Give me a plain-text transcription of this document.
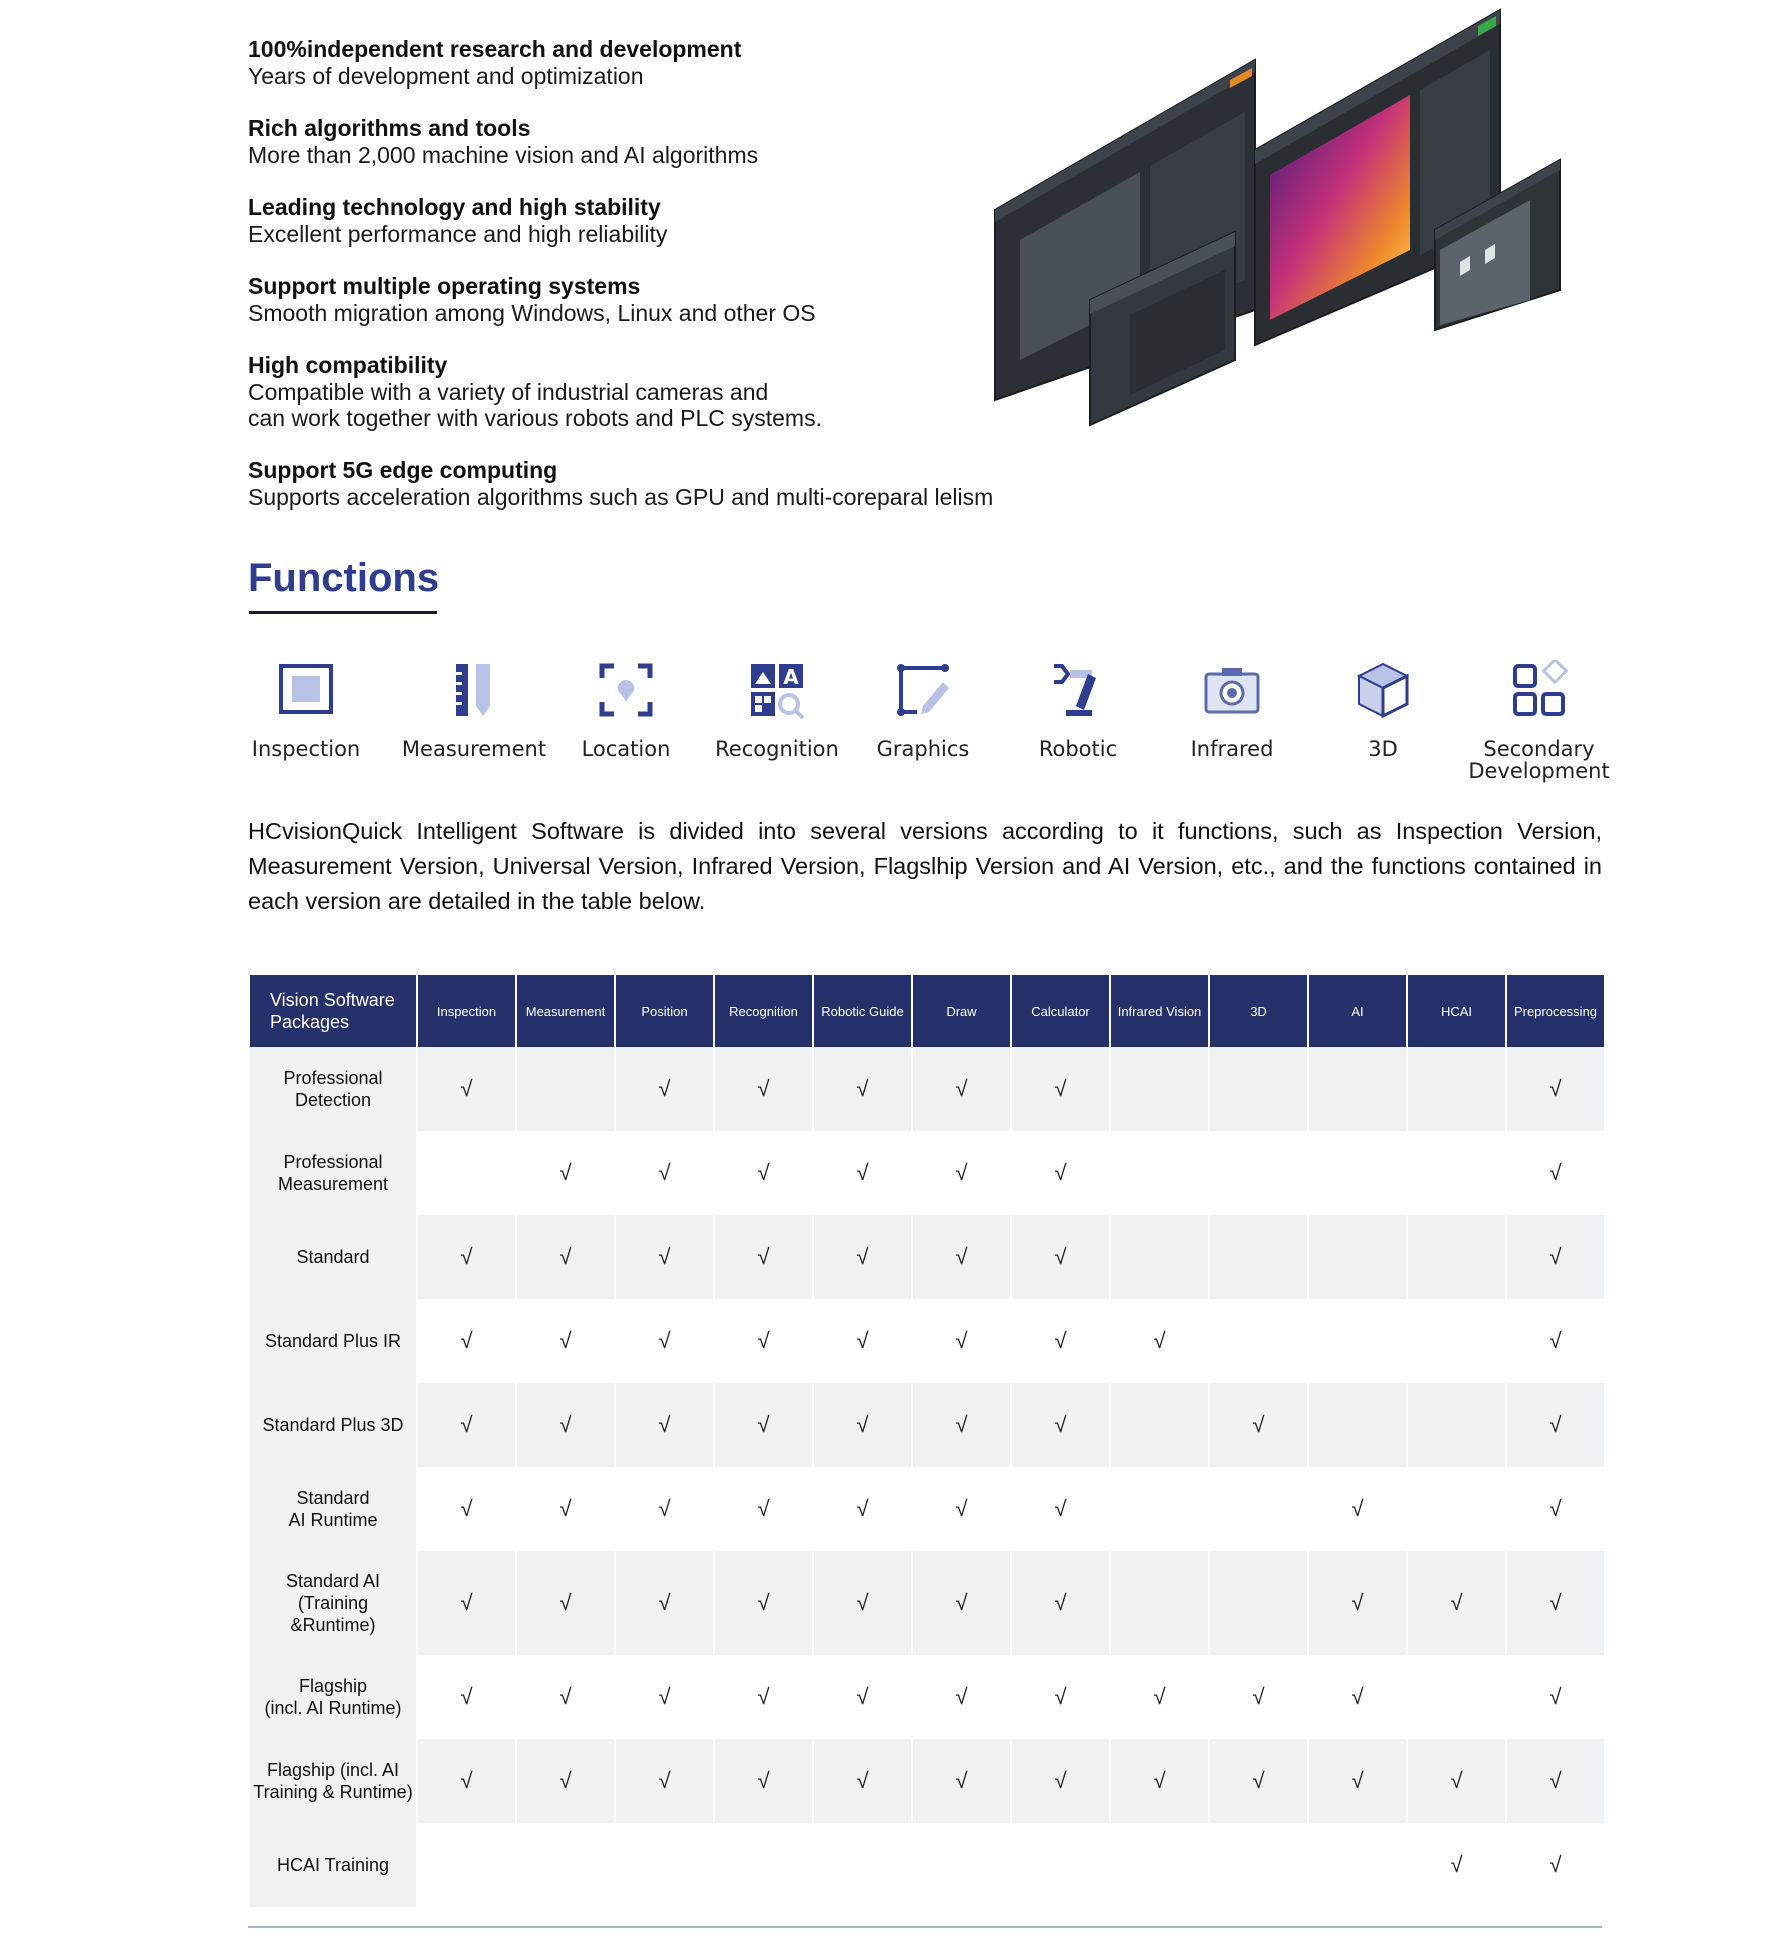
100%independent research and development

Years of development and optimization

Rich algorithms and tools

More than 2,000 machine vision and AI algorithms

Leading technology and high stability

Excellent performance and high reliability

Support multiple operating systems

Smooth migration among Windows, Linux and other OS

High compatibility

Compatible with a variety of industrial cameras and
can work together with various robots and PLC systems.

Support 5G edge computing

Supports acceleration algorithms such as GPU and multi-coreparal lelism

Functions
Inspection	Measurement	Location
A
Recognition	Graphics	Robotic	Infrared	3D	Secondary
Development

HCvisionQuick Intelligent Software is divided into several versions according to it functions, such as Inspection Version, Measurement Version, Universal Version, Infrared Version, Flagslhip Version and AI Version, etc., and the functions contained in each version are detailed in the table below.

Vision Software Packages	Inspection	Measurement	Position	Recognition	Robotic Guide	Draw	Calculator	Infrared Vision	3D	AI	HCAI	Preprocessing
Professional
Detection	√		√	√	√	√	√					√
Professional
Measurement		√	√	√	√	√	√					√
Standard	√	√	√	√	√	√	√					√
Standard Plus IR	√	√	√	√	√	√	√	√				√
Standard Plus 3D	√	√	√	√	√	√	√		√			√
Standard
AI Runtime	√	√	√	√	√	√	√			√		√
Standard AI
(Training
&Runtime)	√	√	√	√	√	√	√			√	√	√
Flagship
(incl. AI Runtime)	√	√	√	√	√	√	√	√	√	√		√
Flagship (incl. AI
Training & Runtime)	√	√	√	√	√	√	√	√	√	√	√	√
HCAI Training											√	√
